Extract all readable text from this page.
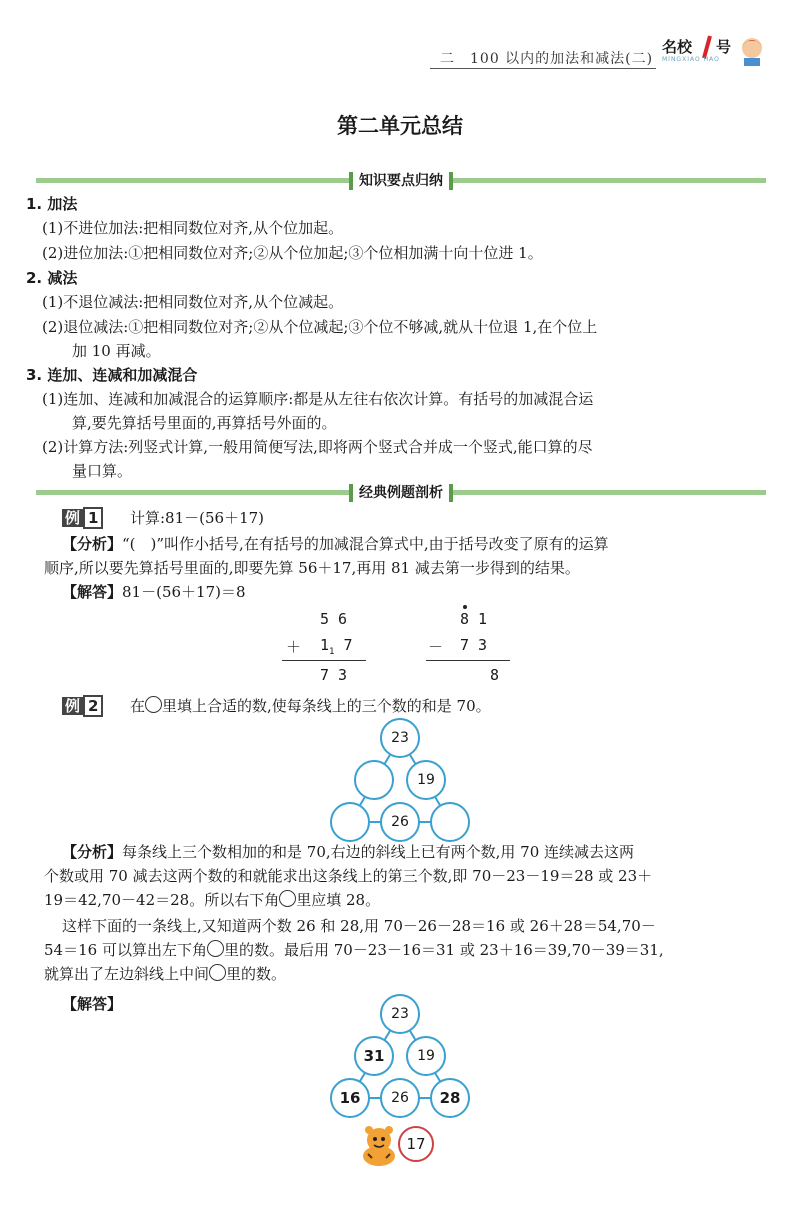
二　100 以内的加法和减法(二)
名校 号
MINGXIAO HAO
第二单元总结
知识要点归纳
1. 加法
(1)不进位加法:把相同数位对齐,从个位加起。
(2)进位加法:①把相同数位对齐;②从个位加起;③个位相加满十向十位进 1。
2. 减法
(1)不退位减法:把相同数位对齐,从个位减起。
(2)退位减法:①把相同数位对齐;②从个位减起;③个位不够减,就从十位退 1,在个位上
加 10 再减。
3. 连加、连减和加减混合
(1)连加、连减和加减混合的运算顺序:都是从左往右依次计算。有括号的加减混合运
算,要先算括号里面的,再算括号外面的。
(2)计算方法:列竖式计算,一般用简便写法,即将两个竖式合并成一个竖式,能口算的尽
量口算。
经典例题剖析
例 1	计算:81－(56＋17)
【分析】“(　)”叫作小括号,在有括号的加减混合算式中,由于括号改变了原有的运算
顺序,所以要先算括号里面的,即要先算 56＋17,再用 81 减去第一步得到的结果。
【解答】81－(56＋17)＝8
5 6
＋ $1_1$ 7
7 3
8 1
－ 7 3
8
例 2	在 里填上合适的数,使每条线上的三个数的和是 70。
23
19
26
【分析】每条线上三个数相加的和是 70,右边的斜线上已有两个数,用 70 连续减去这两
个数或用 70 减去这两个数的和就能求出这条线上的第三个数,即 70－23－19＝28 或 23＋
19＝42,70－42＝28。所以右下角 里应填 28。
这样下面的一条线上,又知道两个数 26 和 28,用 70－26－28＝16 或 26＋28＝54,70－
54＝16 可以算出左下角 里的数。最后用 70－23－16＝31 或 23＋16＝39,70－39＝31,
就算出了左边斜线上中间 里的数。
【解答】
23
31	19
16	26	28
17
